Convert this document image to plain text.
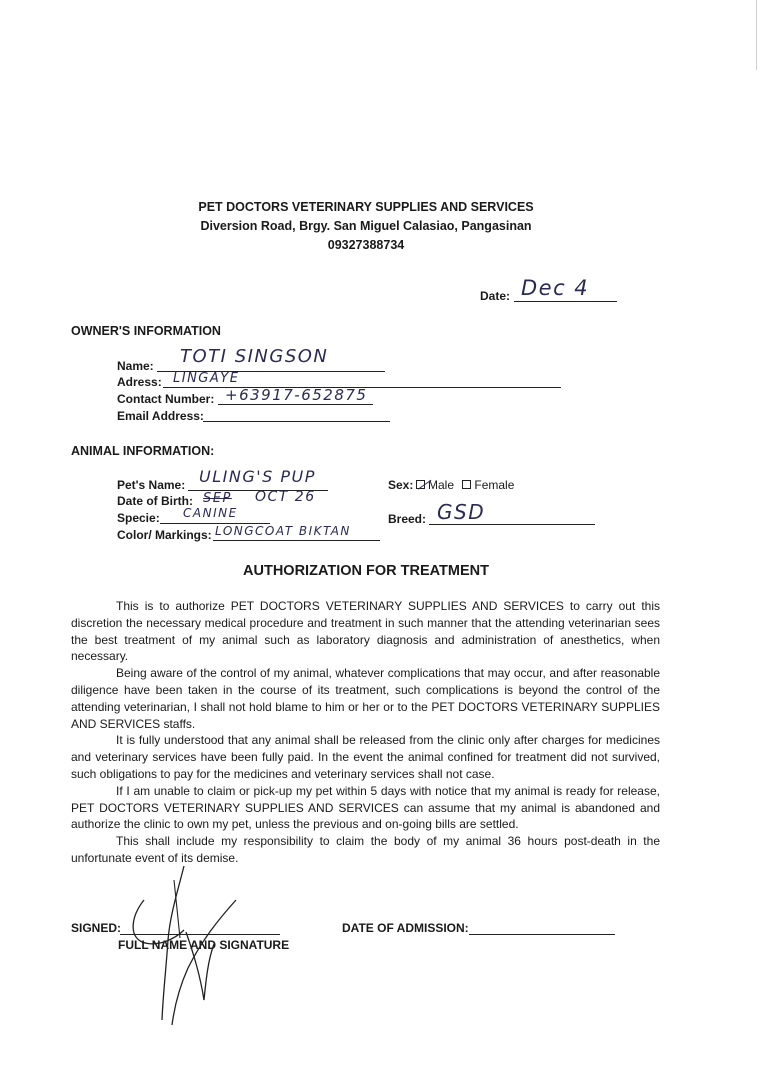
PET DOCTORS VETERINARY SUPPLIES AND SERVICES
Diversion Road, Brgy. San Miguel Calasiao, Pangasinan
09327388734
Date: Dec 4
OWNER'S INFORMATION
Name: TOTI SINGSON
Adress: LINGAYE
Contact Number: +63917-652875
Email Address:
ANIMAL INFORMATION:
Pet's Name: ULING'S PUP
Date of Birth: SEP OCT 26
Specie: CANINE
Color/ Markings: LONGCOAT BIKTAN
Sex:	Male Female
Breed: GSD
AUTHORIZATION FOR TREATMENT

This is to authorize PET DOCTORS VETERINARY SUPPLIES AND SERVICES to carry out this discretion the necessary medical procedure and treatment in such manner that the attending veterinarian sees the best treatment of my animal such as laboratory diagnosis and administration of anesthetics, when necessary.

Being aware of the control of my animal, whatever complications that may occur, and after reasonable diligence have been taken in the course of its treatment, such complications is beyond the control of the attending veterinarian, I shall not hold blame to him or her or to the PET DOCTORS VETERINARY SUPPLIES AND SERVICES staffs.

It is fully understood that any animal shall be released from the clinic only after charges for medicines and veterinary services have been fully paid. In the event the animal confined for treatment did not survived, such obligations to pay for the medicines and veterinary services shall not case.

If I am unable to claim or pick-up my pet within 5 days with notice that my animal is ready for release, PET DOCTORS VETERINARY SUPPLIES AND SERVICES can assume that my animal is abandoned and authorize the clinic to own my pet, unless the previous and on-going bills are settled.

This shall include my responsibility to claim the body of my animal 36 hours post-death in the unfortunate event of its demise.

SIGNED:
FULL NAME AND SIGNATURE
DATE OF ADMISSION:
